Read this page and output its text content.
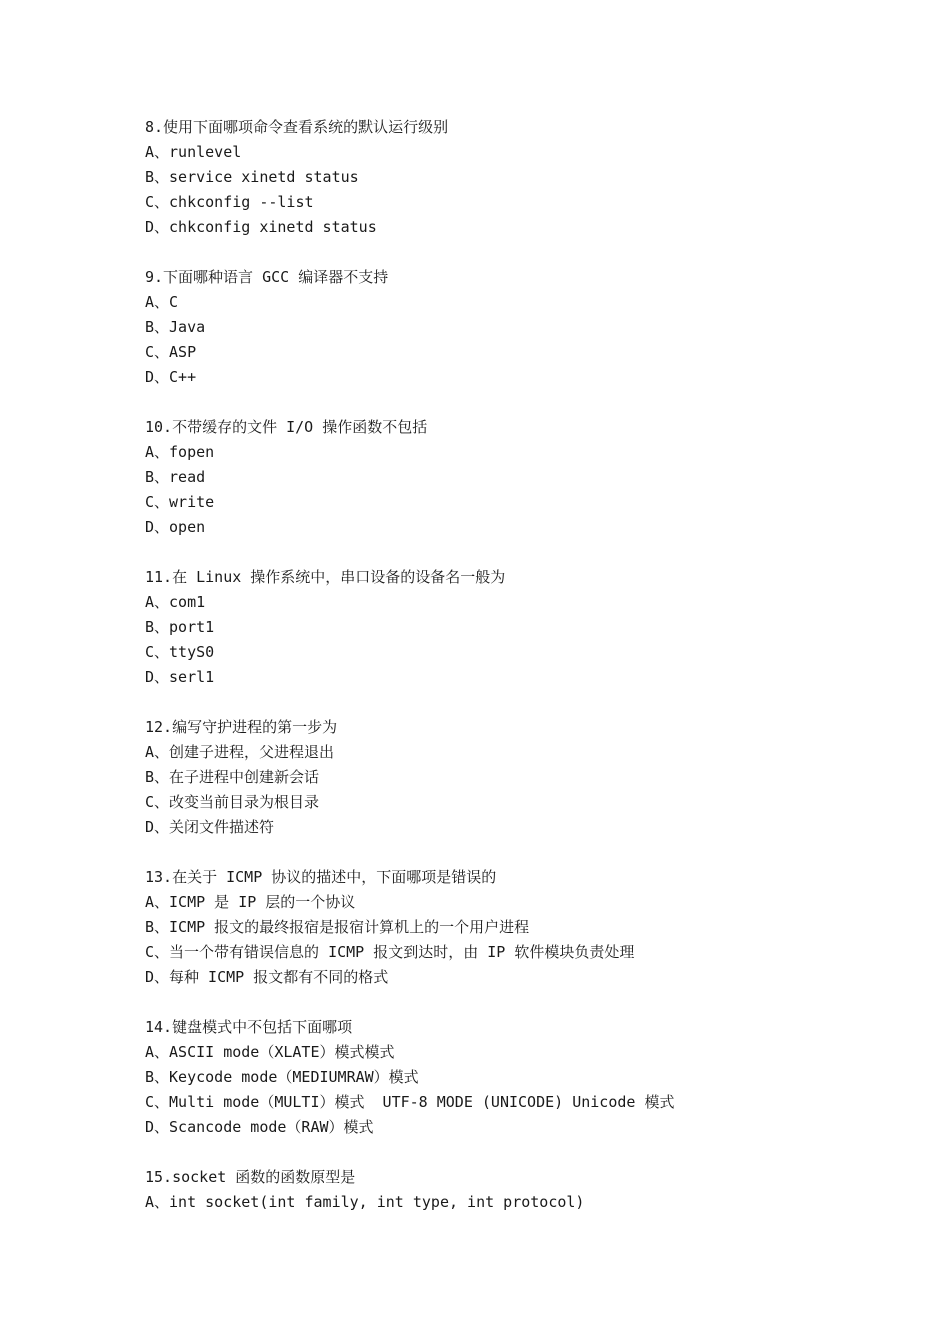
8.使用下面哪项命令查看系统的默认运行级别
A、runlevel
B、service xinetd status
C、chkconfig --list
D、chkconfig xinetd status
9.下面哪种语言 GCC 编译器不支持
A、C
B、Java
C、ASP
D、C++
10.不带缓存的文件 I/O 操作函数不包括
A、fopen
B、read
C、write
D、open
11.在 Linux 操作系统中，串口设备的设备名一般为
A、com1
B、port1
C、ttyS0
D、serl1
12.编写守护进程的第一步为
A、创建子进程，父进程退出
B、在子进程中创建新会话
C、改变当前目录为根目录
D、关闭文件描述符
13.在关于 ICMP 协议的描述中，下面哪项是错误的
A、ICMP 是 IP 层的一个协议
B、ICMP 报文的最终报宿是报宿计算机上的一个用户进程
C、当一个带有错误信息的 ICMP 报文到达时，由 IP 软件模块负责处理
D、每种 ICMP 报文都有不同的格式
14.键盘模式中不包括下面哪项
A、ASCII mode（XLATE）模式模式
B、Keycode mode（MEDIUMRAW）模式
C、Multi mode（MULTI）模式  UTF-8 MODE (UNICODE) Unicode 模式
D、Scancode mode（RAW）模式
15.socket 函数的函数原型是
A、int socket(int family, int type, int protocol)
